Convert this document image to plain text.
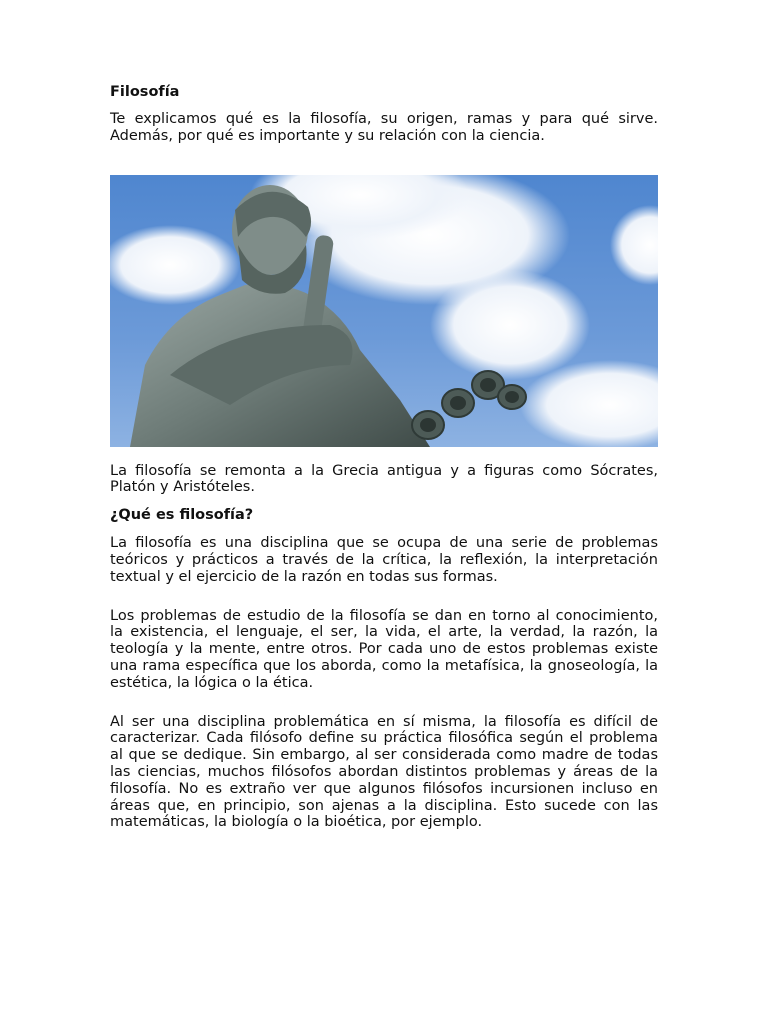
Filosofía

Te explicamos qué es la filosofía, su origen, ramas y para qué sirve. Además, por qué es importante y su relación con la ciencia.

La filosofía se remonta a la Grecia antigua y a figuras como Sócrates, Platón y Aristóteles.

¿Qué es filosofía?

La filosofía es una disciplina que se ocupa de una serie de problemas teóricos y prácticos a través de la crítica, la reflexión, la interpretación textual y el ejercicio de la razón en todas sus formas.

Los problemas de estudio de la filosofía se dan en torno al conocimiento, la existencia, el lenguaje, el ser, la vida, el arte, la verdad, la razón, la teología y la mente, entre otros. Por cada uno de estos problemas existe una rama específica que los aborda, como la metafísica, la gnoseología, la estética, la lógica o la ética.

Al ser una disciplina problemática en sí misma, la filosofía es difícil de caracterizar. Cada filósofo define su práctica filosófica según el problema al que se dedique. Sin embargo, al ser considerada como madre de todas las ciencias, muchos filósofos abordan distintos problemas y áreas de la filosofía. No es extraño ver que algunos filósofos incursionen incluso en áreas que, en principio, son ajenas a la disciplina. Esto sucede con las matemáticas, la biología o la bioética, por ejemplo.
